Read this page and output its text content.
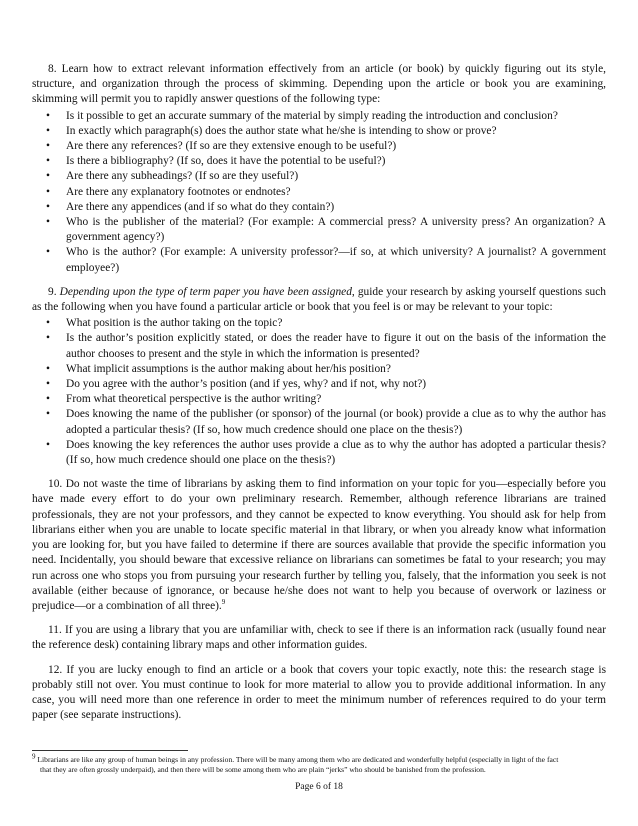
8. Learn how to extract relevant information effectively from an article (or book) by quickly figuring out its style, structure, and organization through the process of skimming. Depending upon the article or book you are examining, skimming will permit you to rapidly answer questions of the following type:

• Is it possible to get an accurate summary of the material by simply reading the introduction and conclusion?
• In exactly which paragraph(s) does the author state what he/she is intending to show or prove?
• Are there any references? (If so are they extensive enough to be useful?)
• Is there a bibliography? (If so, does it have the potential to be useful?)
• Are there any subheadings? (If so are they useful?)
• Are there any explanatory footnotes or endnotes?
• Are there any appendices (and if so what do they contain?)
• Who is the publisher of the material? (For example: A commercial press? A university press? An organization? A government agency?)
• Who is the author? (For example: A university professor?—if so, at which university? A journalist? A government employee?)

9. Depending upon the type of term paper you have been assigned, guide your research by asking yourself questions such as the following when you have found a particular article or book that you feel is or may be relevant to your topic:

• What position is the author taking on the topic?
• Is the author’s position explicitly stated, or does the reader have to figure it out on the basis of the information the author chooses to present and the style in which the information is presented?
• What implicit assumptions is the author making about her/his position?
• Do you agree with the author’s position (and if yes, why? and if not, why not?)
• From what theoretical perspective is the author writing?
• Does knowing the name of the publisher (or sponsor) of the journal (or book) provide a clue as to why the author has adopted a particular thesis? (If so, how much credence should one place on the thesis?)
• Does knowing the key references the author uses provide a clue as to why the author has adopted a particular thesis? (If so, how much credence should one place on the thesis?)

10. Do not waste the time of librarians by asking them to find information on your topic for you—especially before you have made every effort to do your own preliminary research. Remember, although reference librarians are trained professionals, they are not your professors, and they cannot be expected to know everything. You should ask for help from librarians either when you are unable to locate specific material in that library, or when you already know what information you are looking for, but you have failed to determine if there are sources available that provide the specific information you need. Incidentally, you should beware that excessive reliance on librarians can sometimes be fatal to your research; you may run across one who stops you from pursuing your research further by telling you, falsely, that the information you seek is not available (either because of ignorance, or because he/she does not want to help you because of overwork or laziness or prejudice—or a combination of all three).$^9$

11. If you are using a library that you are unfamiliar with, check to see if there is an information rack (usually found near the reference desk) containing library maps and other information guides.

12. If you are lucky enough to find an article or a book that covers your topic exactly, note this: the research stage is probably still not over. You must continue to look for more material to allow you to provide additional information. In any case, you will need more than one reference in order to meet the minimum number of references required to do your term paper (see separate instructions).

$^9$ Librarians are like any group of human beings in any profession. There will be many among them who are dedicated and wonderfully helpful (especially in light of the fact
that they are often grossly underpaid), and then there will be some among them who are plain “jerks” who should be banished from the profession.
Page 6 of 18
